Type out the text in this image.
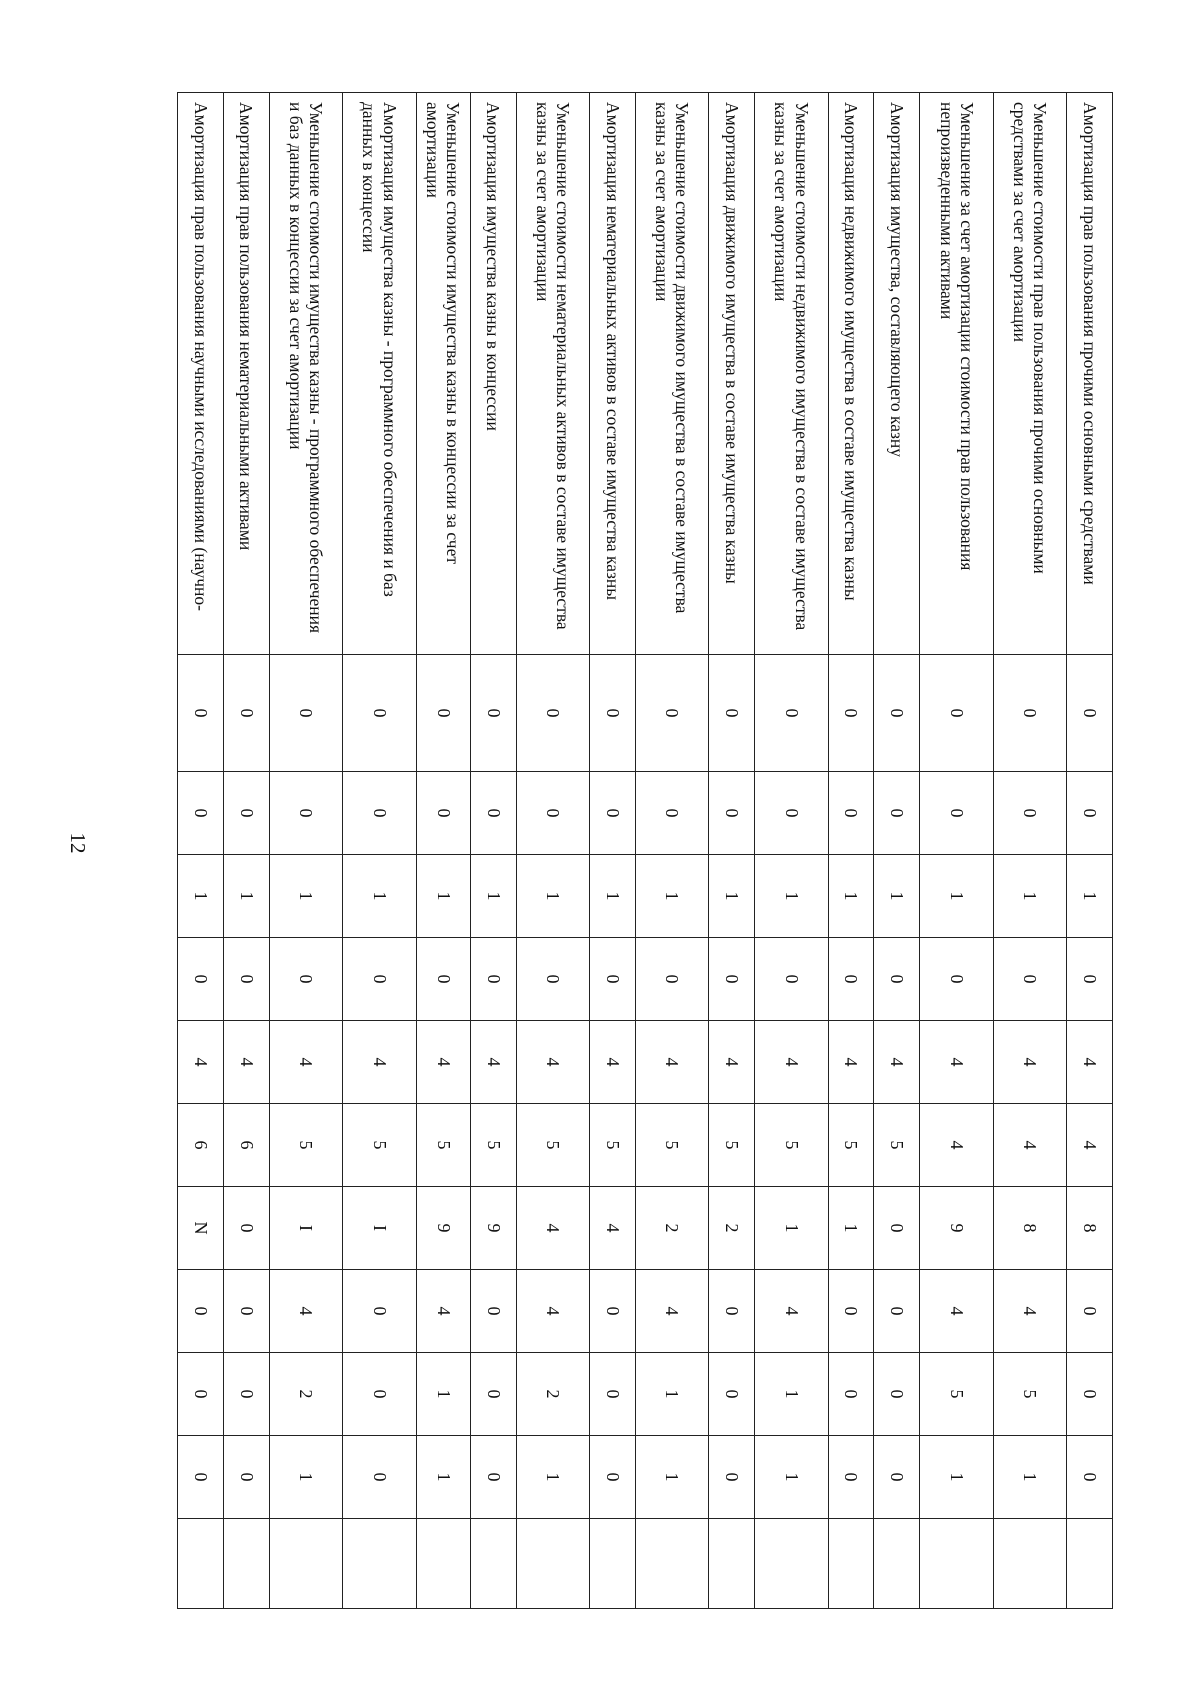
12
Амортизация прав пользования прочими основными средствами	0	0	1	0	4	4	8	0	0	0	
Уменьшение стоимости прав пользования прочими основными средствами за счет амортизации	0	0	1	0	4	4	8	4	5	1	
Уменьшение за счет амортизации стоимости прав пользования непроизведенными активами	0	0	1	0	4	4	9	4	5	1	
Амортизация имущества, составляющего казну	0	0	1	0	4	5	0	0	0	0	
Амортизация недвижимого имущества в составе имущества казны	0	0	1	0	4	5	1	0	0	0	
Уменьшение стоимости недвижимого имущества в составе имущества казны за счет амортизации	0	0	1	0	4	5	1	4	1	1	
Амортизация движимого имущества в составе имущества казны	0	0	1	0	4	5	2	0	0	0	
Уменьшение стоимости движимого имущества в составе имущества казны за счет амортизации	0	0	1	0	4	5	2	4	1	1	
Амортизация нематериальных активов в составе имущества казны	0	0	1	0	4	5	4	0	0	0	
Уменьшение стоимости нематериальных активов в составе имущества казны за счет амортизации	0	0	1	0	4	5	4	4	2	1	
Амортизация имущества казны в концессии	0	0	1	0	4	5	9	0	0	0	
Уменьшение стоимости имущества казны в концессии за счет амортизации	0	0	1	0	4	5	9	4	1	1	
Амортизация имущества казны - программного обеспечения и баз данных в концессии	0	0	1	0	4	5	I	0	0	0	
Уменьшение стоимости имущества казны - программного обеспечения и баз данных в концессии за счет амортизации	0	0	1	0	4	5	I	4	2	1	
Амортизация прав пользования нематериальными активами	0	0	1	0	4	6	0	0	0	0	
Амортизация прав пользования научными исследованиями (научно-	0	0	1	0	4	6	N	0	0	0	
